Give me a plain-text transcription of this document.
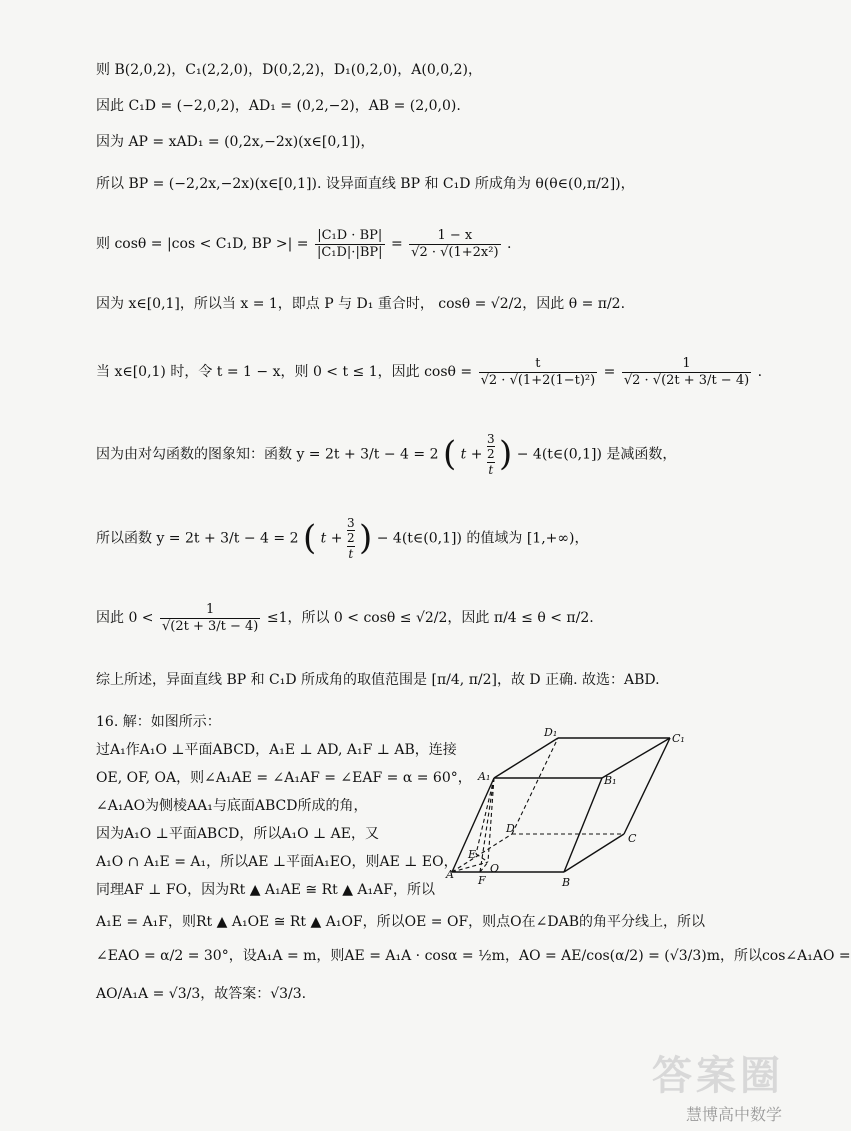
则 B(2,0,2)，C₁(2,2,0)，D(0,2,2)，D₁(0,2,0)，A(0,0,2)，
因此 C₁D = (−2,0,2)，AD₁ = (0,2,−2)，AB = (2,0,0).
因为 AP = xAD₁ = (0,2x,−2x)(x∈[0,1])，
所以 BP = (−2,2x,−2x)(x∈[0,1]). 设异面直线 BP 和 C₁D 所成角为 θ(θ∈(0,π/2])，
则 cosθ = |cos < C₁D, BP >| = $\frac{\text{|C₁D · BP|}}{\text{|C₁D|·|BP|}} = \frac{1 - x}{\text{√2 · √(1+2x²)}}$ .
因为 x∈[0,1]，所以当 x = 1，即点 P 与 D₁ 重合时， cosθ = √2/2，因此 θ = π/2.
当 x∈[0,1) 时，令 t = 1 − x，则 0 < t ≤ 1，因此 $\cos\theta = \frac{t}{\text{√2 · √(1+2(1−t)²)}} = \frac{1}{√2 \cdot √(2t + 3/t - 4)}$ .
因为由对勾函数的图象知：函数 y = 2t + 3/t − 4 = 2 ( $t + \frac{\frac{3}{2}}{t}$ ) − 4(t∈(0,1]) 是减函数，
所以函数 y = 2t + 3/t − 4 = 2 ( $t + \frac{\frac{3}{2}}{t}$ ) − 4(t∈(0,1]) 的值域为 [1,+∞)，
因此 $0 < \frac{1}{√(2t + 3/t - 4)} \le 1$，所以 0 < cosθ ≤ √2/2，因此 π/4 ≤ θ < π/2.
综上所述，异面直线 BP 和 C₁D 所成角的取值范围是 [π/4, π/2]，故 D 正确. 故选：ABD.
16. 解：如图所示：
过A₁作A₁O ⊥平面ABCD，A₁E ⊥ AD, A₁F ⊥ AB，连接
OE, OF, OA，则∠A₁AE = ∠A₁AF = ∠EAF = α = 60°，
∠A₁AO为侧棱AA₁与底面ABCD所成的角，
因为A₁O ⊥平面ABCD，所以A₁O ⊥ AE，又
A₁O ∩ A₁E = A₁，所以AE ⊥平面A₁EO，则AE ⊥ EO，
同理AF ⊥ FO，因为Rt ▲ A₁AE ≅ Rt ▲ A₁AF，所以
A₁E = A₁F，则Rt ▲ A₁OE ≅ Rt ▲ A₁OF，所以OE = OF，则点O在∠DAB的角平分线上，所以
∠EAO = α/2 = 30°，设A₁A = m，则AE = A₁A · cosα = ½m，AO = AE/cos(α/2) = (√3/3)m，所以cos∠A₁AO =
AO/A₁A = √3/3，故答案：√3/3.
A
B
C
D
A₁	B₁
C₁
D₁
E
F
O
答案圈
慧博高中数学
